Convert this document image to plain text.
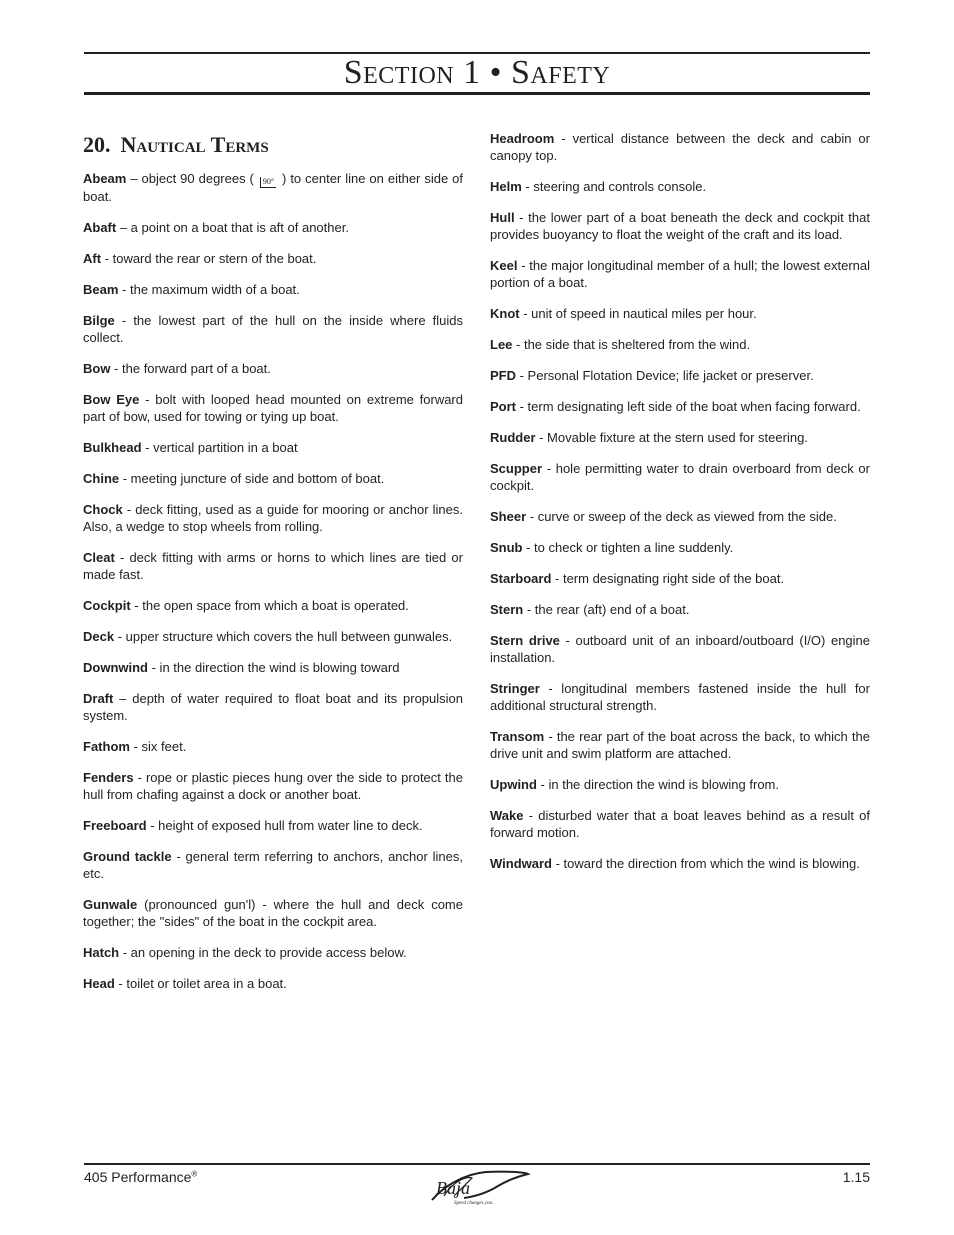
Section 1 • Safety
20. Nautical Terms

Abeam – object 90 degrees ( 90° ) to center line on either side of boat.

Abaft – a point on a boat that is aft of another.

Aft - toward the rear or stern of the boat.

Beam - the maximum width of a boat.

Bilge - the lowest part of the hull on the inside where fluids collect.

Bow - the forward part of a boat.

Bow Eye - bolt with looped head mounted on extreme forward part of bow, used for towing or tying up boat.

Bulkhead - vertical partition in a boat

Chine - meeting juncture of side and bottom of boat.

Chock - deck fitting, used as a guide for mooring or anchor lines. Also, a wedge to stop wheels from rolling.

Cleat - deck fitting with arms or horns to which lines are tied or made fast.

Cockpit - the open space from which a boat is operated.

Deck - upper structure which covers the hull between gunwales.

Downwind - in the direction the wind is blowing toward

Draft – depth of water required to float boat and its propulsion system.

Fathom - six feet.

Fenders - rope or plastic pieces hung over the side to protect the hull from chafing against a dock or another boat.

Freeboard - height of exposed hull from water line to deck.

Ground tackle - general term referring to anchors, anchor lines, etc.

Gunwale (pronounced gun'l) - where the hull and deck come together; the "sides" of the boat in the cockpit area.

Hatch - an opening in the deck to provide access below.

Head - toilet or toilet area in a boat.

Headroom - vertical distance between the deck and cabin or canopy top.

Helm - steering and controls console.

Hull - the lower part of a boat beneath the deck and cockpit that provides buoyancy to float the weight of the craft and its load.

Keel - the major longitudinal member of a hull; the lowest external portion of a boat.

Knot - unit of speed in nautical miles per hour.

Lee - the side that is sheltered from the wind.

PFD - Personal Flotation Device; life jacket or preserver.

Port - term designating left side of the boat when facing forward.

Rudder - Movable fixture at the stern used for steering.

Scupper - hole permitting water to drain overboard from deck or cockpit.

Sheer - curve or sweep of the deck as viewed from the side.

Snub - to check or tighten a line suddenly.

Starboard - term designating right side of the boat.

Stern - the rear (aft) end of a boat.

Stern drive - outboard unit of an inboard/outboard (I/O) engine installation.

Stringer - longitudinal members fastened inside the hull for additional structural strength.

Transom - the rear part of the boat across the back, to which the drive unit and swim platform are attached.

Upwind - in the direction the wind is blowing from.

Wake - disturbed water that a boat leaves behind as a result of forward motion.

Windward - toward the direction from which the wind is blowing.

405 Performance®
Baja
Speed changes you.
1.15
